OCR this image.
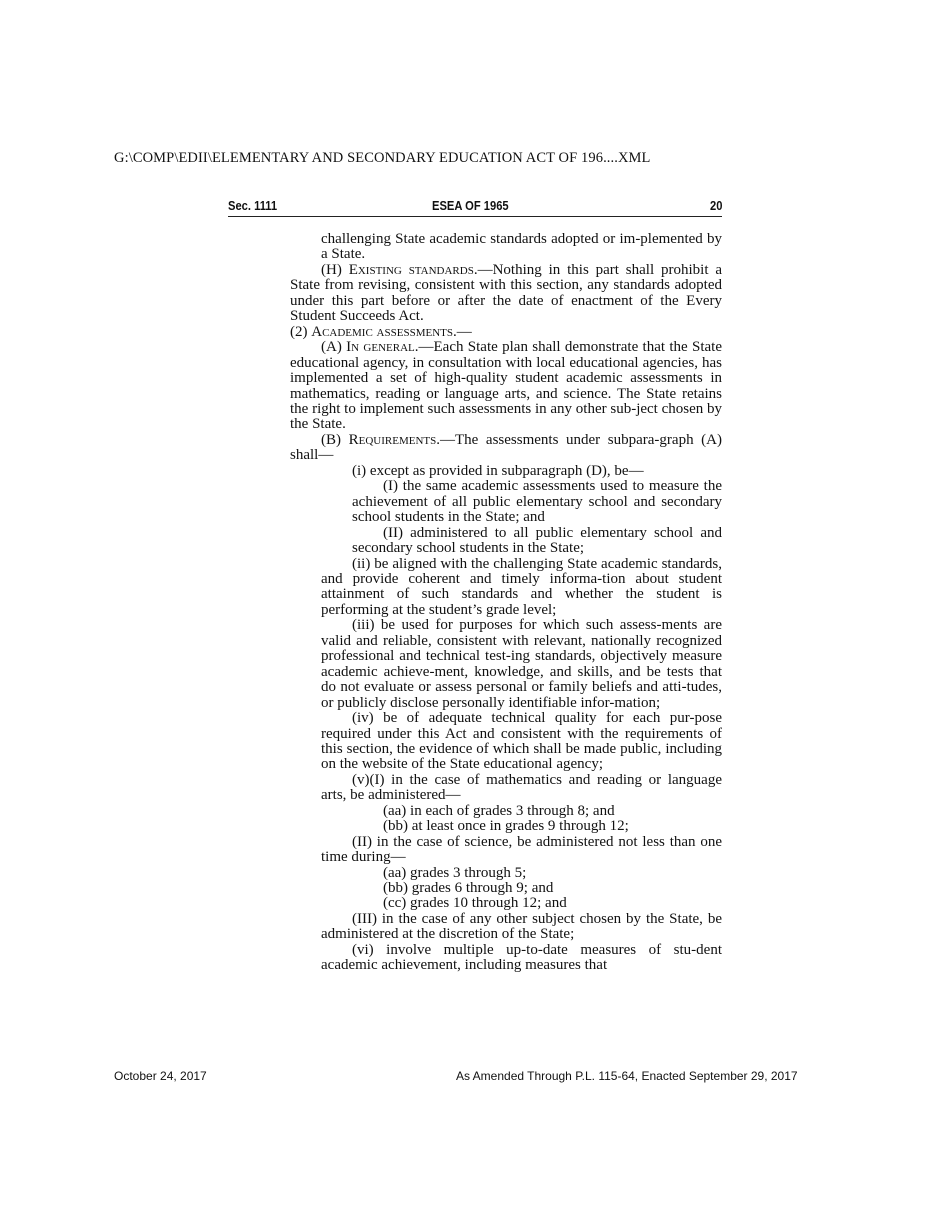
G:\COMP\EDII\ELEMENTARY AND SECONDARY EDUCATION ACT OF 196....XML
Sec. 1111	ESEA OF 1965	20
challenging State academic standards adopted or im-plemented by a State.
(H) Existing standards.—Nothing in this part shall prohibit a State from revising, consistent with this section, any standards adopted under this part before or after the date of enactment of the Every Student Succeeds Act.
(2) Academic assessments.—
(A) In general.—Each State plan shall demonstrate that the State educational agency, in consultation with local educational agencies, has implemented a set of high-quality student academic assessments in mathematics, reading or language arts, and science. The State retains the right to implement such assessments in any other sub-ject chosen by the State.
(B) Requirements.—The assessments under subpara-graph (A) shall—
(i) except as provided in subparagraph (D), be—
(I) the same academic assessments used to measure the achievement of all public elementary school and secondary school students in the State; and
(II) administered to all public elementary school and secondary school students in the State;
(ii) be aligned with the challenging State academic standards, and provide coherent and timely informa-tion about student attainment of such standards and whether the student is performing at the student’s grade level;
(iii) be used for purposes for which such assess-ments are valid and reliable, consistent with relevant, nationally recognized professional and technical test-ing standards, objectively measure academic achieve-ment, knowledge, and skills, and be tests that do not evaluate or assess personal or family beliefs and atti-tudes, or publicly disclose personally identifiable infor-mation;
(iv) be of adequate technical quality for each pur-pose required under this Act and consistent with the requirements of this section, the evidence of which shall be made public, including on the website of the State educational agency;
(v)(I) in the case of mathematics and reading or language arts, be administered—
(aa) in each of grades 3 through 8; and
(bb) at least once in grades 9 through 12;
(II) in the case of science, be administered not less than one time during—
(aa) grades 3 through 5;
(bb) grades 6 through 9; and
(cc) grades 10 through 12; and
(III) in the case of any other subject chosen by the State, be administered at the discretion of the State;
(vi) involve multiple up-to-date measures of stu-dent academic achievement, including measures that
October 24, 2017	As Amended Through P.L. 115-64, Enacted September 29, 2017
